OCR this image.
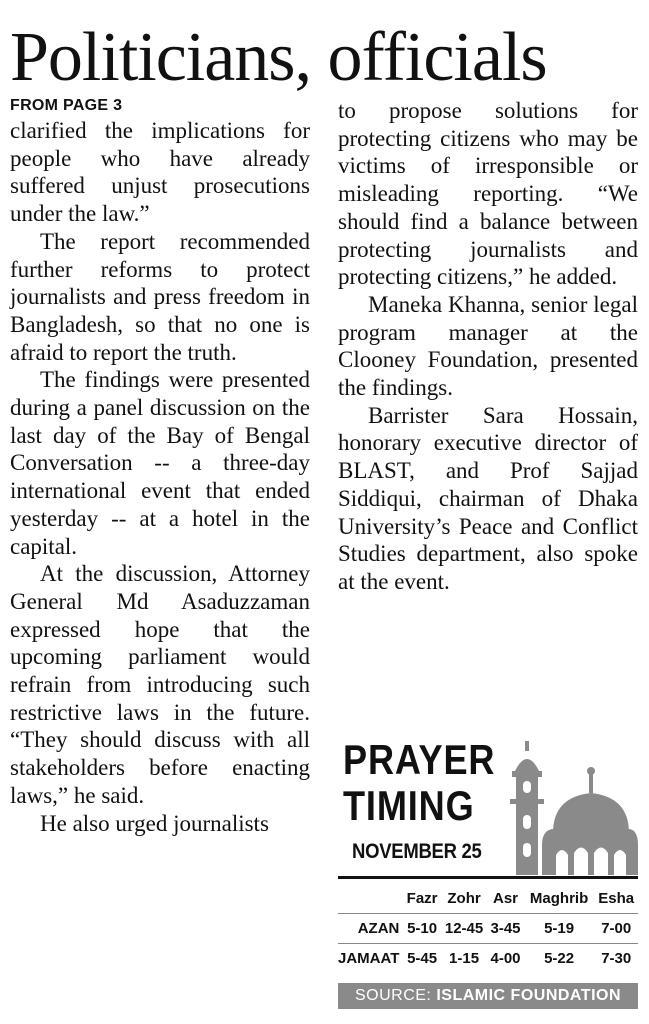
Politicians, officials
FROM PAGE 3

clarified the implications for people who have already suffered unjust prosecutions under the law.”

The report recommended further reforms to protect journalists and press freedom in Bangladesh, so that no one is afraid to report the truth.

The findings were presented during a panel discussion on the last day of the Bay of Bengal Conversation -- a three-day international event that ended yesterday -- at a hotel in the capital.

At the discussion, Attorney General Md Asaduzzaman expressed hope that the upcoming parliament would refrain from introducing such restrictive laws in the future. “They should discuss with all stakeholders before enacting laws,” he said.

He also urged journalists

to propose solutions for protecting citizens who may be victims of irresponsible or misleading reporting. “We should find a balance between protecting journalists and protecting citizens,” he added.

Maneka Khanna, senior legal program manager at the Clooney Foundation, presented the findings.

Barrister Sara Hossain, honorary executive director of BLAST, and Prof Sajjad Siddiqui, chairman of Dhaka University’s Peace and Conflict Studies department, also spoke at the event.

PRAYER
TIMING
NOVEMBER 25
	Fazr	Zohr	Asr	Maghrib	Esha
AZAN	5-10	12-45	3-45	5-19	7-00
JAMAAT	5-45	1-15	4-00	5-22	7-30
SOURCE: ISLAMIC FOUNDATION
